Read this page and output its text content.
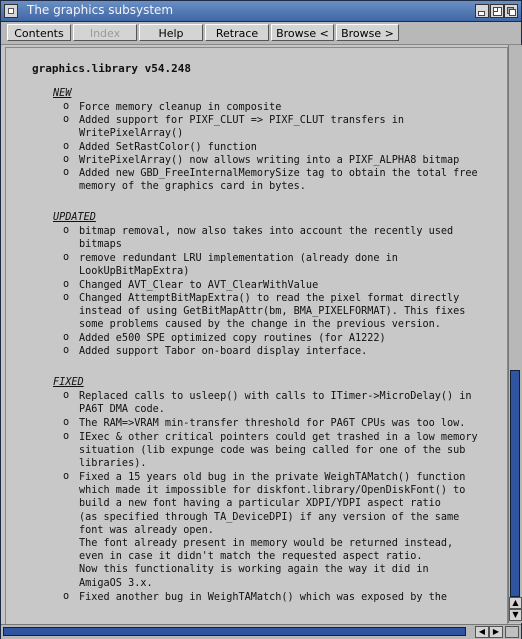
The graphics subsystem
Contents	Index	Help	Retrace	Browse <	Browse >
graphics.library v54.248
NEW
o Force memory cleanup in composite
o Added support for PIXF_CLUT => PIXF_CLUT transfers in
WritePixelArray()
o Added SetRastColor() function
o WritePixelArray() now allows writing into a PIXF_ALPHA8 bitmap
o Added new GBD_FreeInternalMemorySize tag to obtain the total free
memory of the graphics card in bytes.
UPDATED
o bitmap removal, now also takes into account the recently used
bitmaps
o remove redundant LRU implementation (already done in
LookUpBitMapExtra)
o Changed AVT_Clear to AVT_ClearWithValue
o Changed AttemptBitMapExtra() to read the pixel format directly
instead of using GetBitMapAttr(bm, BMA_PIXELFORMAT). This fixes
some problems caused by the change in the previous version.
o Added e500 SPE optimized copy routines (for A1222)
o Added support Tabor on-board display interface.
FIXED
o Replaced calls to usleep() with calls to ITimer->MicroDelay() in
PA6T DMA code.
o The RAM=>VRAM min-transfer threshold for PA6T CPUs was too low.
o IExec & other critical pointers could get trashed in a low memory
situation (lib expunge code was being called for one of the sub
libraries).
o Fixed a 15 years old bug in the private WeighTAMatch() function
which made it impossible for diskfont.library/OpenDiskFont() to
build a new font having a particular XDPI/YDPI aspect ratio
(as specified through TA_DeviceDPI) if any version of the same
font was already open.
The font already present in memory would be returned instead,
even in case it didn't match the requested aspect ratio.
Now this functionality is working again the way it did in
AmigaOS 3.x.
o Fixed another bug in WeighTAMatch() which was exposed by the	▲
▼
◀ ▶
